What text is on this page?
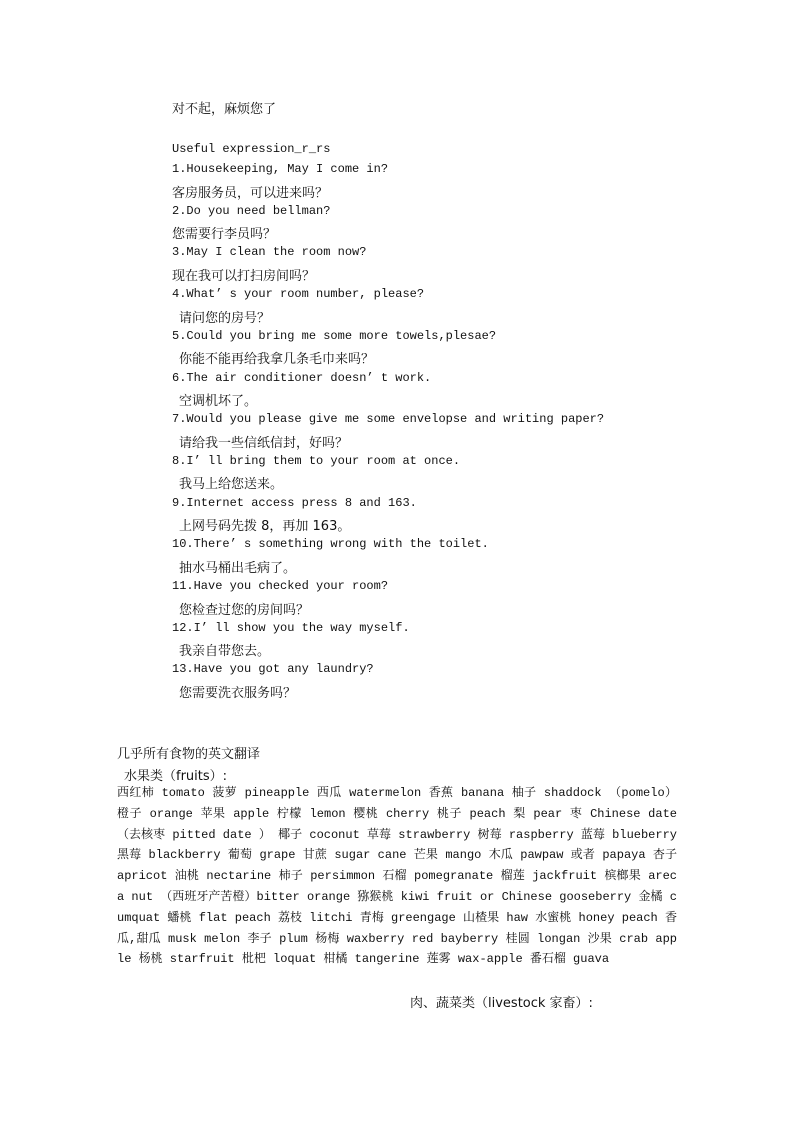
对不起，麻烦您了
Useful expression_r_rs
1.Housekeeping, May I come in?
客房服务员，可以进来吗？
2.Do you need bellman?
您需要行李员吗？
3.May I clean the room now?
现在我可以打扫房间吗？
4.What’ s your room number, please?
请问您的房号？
5.Could you bring me some more towels,plesae?
你能不能再给我拿几条毛巾来吗？
6.The air conditioner doesn’ t work.
空调机坏了。
7.Would you please give me some envelopse and writing paper?
请给我一些信纸信封，好吗？
8.I’ ll bring them to your room at once.
我马上给您送来。
9.Internet access press 8 and 163.
上网号码先拨 8，再加 163。
10.There’ s something wrong with the toilet.
抽水马桶出毛病了。
11.Have you checked your room?
您检查过您的房间吗？
12.I’ ll show you the way myself.
我亲自带您去。
13.Have you got any laundry?
您需要洗衣服务吗？
几乎所有食物的英文翻译
水果类（fruits）:
西红柿 tomato 菠萝 pineapple 西瓜 watermelon 香蕉 banana 柚子 shaddock （pomelo） 橙子 orange 苹果 apple 柠檬 lemon 樱桃 cherry 桃子 peach 梨 pear 枣 Chinese date （去核枣 pitted date ） 椰子 coconut 草莓 strawberry 树莓 raspberry 蓝莓 blueberry 黑莓 blackberry 葡萄 grape 甘蔗 sugar cane 芒果 mango 木瓜 pawpaw 或者 papaya 杏子 apricot 油桃 nectarine 柿子 persimmon 石榴 pomegranate 榴莲 jackfruit 槟榔果 areca nut （西班牙产苦橙）bitter orange 猕猴桃 kiwi fruit or Chinese gooseberry 金橘 cumquat 蟠桃 flat peach 荔枝 litchi 青梅 greengage 山楂果 haw 水蜜桃 honey peach 香瓜,甜瓜 musk melon 李子 plum 杨梅 waxberry red bayberry 桂圆 longan 沙果 crab apple 杨桃 starfruit 枇杷 loquat 柑橘 tangerine 莲雾 wax-apple 番石榴 guava
肉、蔬菜类（livestock 家畜）:
